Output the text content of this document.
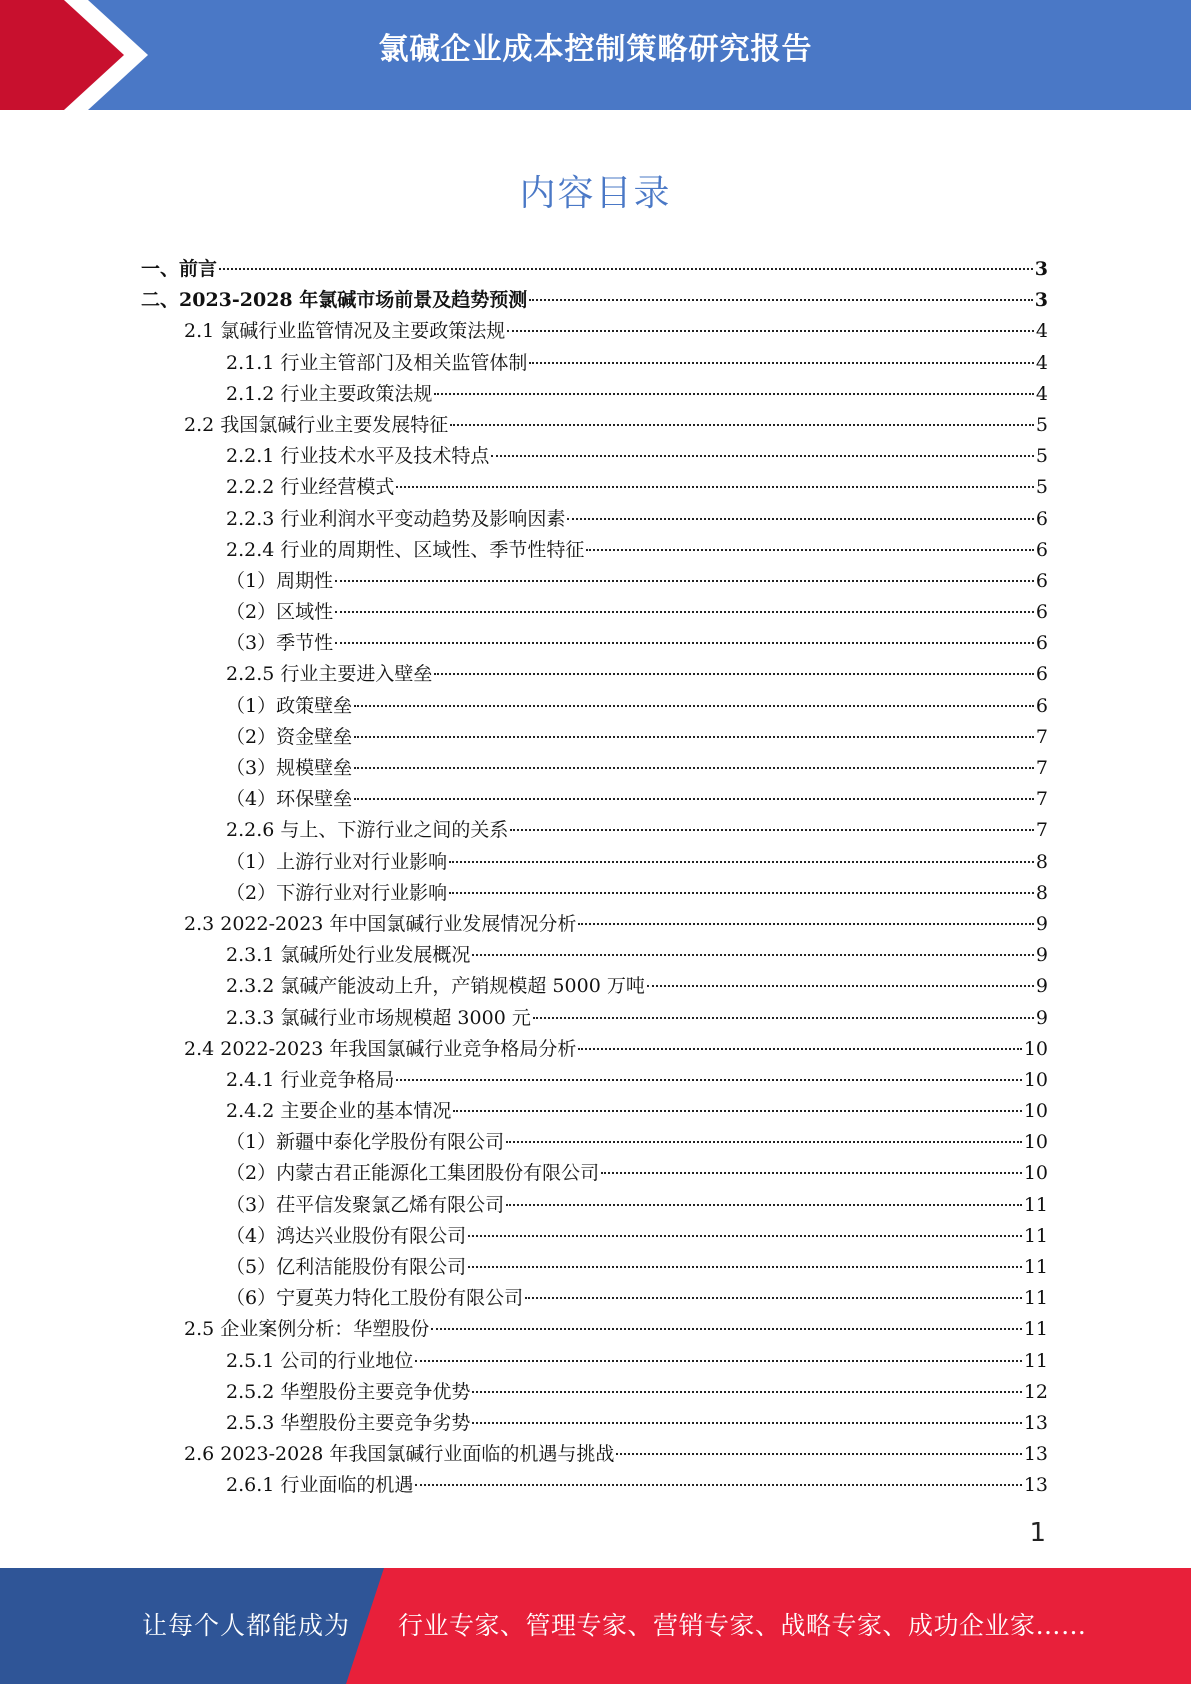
氯碱企业成本控制策略研究报告
内容目录
一、前言	3
二、2023-2028 年氯碱市场前景及趋势预测	3
2.1 氯碱行业监管情况及主要政策法规	4
2.1.1 行业主管部门及相关监管体制	4
2.1.2 行业主要政策法规	4
2.2 我国氯碱行业主要发展特征	5
2.2.1 行业技术水平及技术特点	5
2.2.2 行业经营模式	5
2.2.3 行业利润水平变动趋势及影响因素	6
2.2.4 行业的周期性、区域性、季节性特征	6
（1）周期性	6
（2）区域性	6
（3）季节性	6
2.2.5 行业主要进入壁垒	6
（1）政策壁垒	6
（2）资金壁垒	7
（3）规模壁垒	7
（4）环保壁垒	7
2.2.6 与上、下游行业之间的关系	7
（1）上游行业对行业影响	8
（2）下游行业对行业影响	8
2.3 2022-2023 年中国氯碱行业发展情况分析	9
2.3.1 氯碱所处行业发展概况	9
2.3.2 氯碱产能波动上升，产销规模超 5000 万吨	9
2.3.3 氯碱行业市场规模超 3000 元	9
2.4 2022-2023 年我国氯碱行业竞争格局分析	10
2.4.1 行业竞争格局	10
2.4.2 主要企业的基本情况	10
（1）新疆中泰化学股份有限公司	10
（2）内蒙古君正能源化工集团股份有限公司	10
（3）茌平信发聚氯乙烯有限公司	11
（4）鸿达兴业股份有限公司	11
（5）亿利洁能股份有限公司	11
（6）宁夏英力特化工股份有限公司	11
2.5 企业案例分析：华塑股份	11
2.5.1 公司的行业地位	11
2.5.2 华塑股份主要竞争优势	12
2.5.3 华塑股份主要竞争劣势	13
2.6 2023-2028 年我国氯碱行业面临的机遇与挑战	13
2.6.1 行业面临的机遇	13
1
让每个人都能成为 行业专家、管理专家、营销专家、战略专家、成功企业家……
